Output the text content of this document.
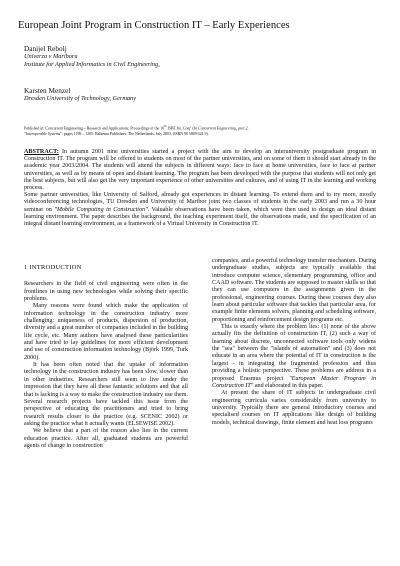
European Joint Program in Construction IT – Early Experiences
Danijel Rebolj
Univerza v Mariboru
Institute for Applied Informatics in Civil Engineering,
Karsten Menzel
Dresden University of Technology, Germany
Published in: Concurrent Engineering – Research and Applications; Proceedings of the 10th ISPE Int. Conf. On Concurrent Engineering, part 2,
"Interoperable Systems": pages 1199 – 1205: Balkema Publishers, The Netherlands, July 2003, (ISBN 90 5809 624 9).

ABSTRACT: In autumn 2001 nine universities started a project with the aim to develop an interuniversity postgraduate program in Construction IT. The program will be offered to students on most of the partner universities, and on some of them it should start already in the academic year 2003/2004. The students will attend the subjects in different ways: face to face at home universities, face to face at partner universities, as well as by means of open and distant learning. The program has been developed with the purpose that students will not only get the best subjects, but will also get the very important experience of other universities and cultures, and of using IT in the learning and working process.
Some partner universities, like University of Salford, already got experiences in distant learning. To extend them and to try more, mostly videoconferencing technologies, TU Dresden and University of Maribor joint two classes of students in the early 2003 and run a 30 hour seminar on "Mobile Computing in Construction". Valuable observations have been taken, which were then used to design an ideal distant learning environment. The paper describes the background, the teaching experiment itself, the observations made, and the specification of an integral distant learning environment, as a framework of a Virtual University in Construction IT.

1 INTRODUCTION

Researchers in the field of civil engineering were often in the frontlines in using new technologies while solving their specific problems.

Many reasons were found which make the application of information technology in the construction industry more challenging: uniqueness of products, dispersion of production, diversity and a great number of companies included in the building life cycle, etc. Many authors have analysed these particularities and have tried to lay guidelines for more efficient development and use of construction information technology (Björk 1999, Turk 2000).

It has been often noted that the uptake of information technology in the construction industry has been slow, slower than in other industries. Researchers still seem to live under the impression that they have all these fantastic solutions and that all that is lacking is a way to make the construction industry use them. Several research projects have tackled this issue from the perspective of educating the practitioners and tried to bring research results closer to the practice (e.g. SCENIC 2002) or asking the practice what it actually wants (ELSEWISE 2002).

We believe that a part of the reason also lies in the current education practice. After all, graduated students are powerful agents of change in construction

companies, and a powerful technology transfer mechanism. During undergraduate studies, subjects are typically available that introduce computer science, elementary programming, office and CAAD software. The students are supposed to master skills so that they can use computers in the assignments given in the professional, engineering courses. During these courses they also learn about particular software that tackles that particular area, for example finite elements solvers, planning and scheduling software, proportioning and reinforcement design programs etc.

This is exactly where the problem lies: (1) none of the above actually fits the definition of construction IT, (2) such a way of learning about discrete, unconnected software tools only widens the "sea" between the "islands of automation" and (3) does not educate in an area where the potential of IT in construction is the largest - in integrating the fragmented profession and thus providing a holistic perspective. These problems are address in a proposed Erasmus project "European Master Program in Construction IT" and elaborated in this paper.

At present the share of IT subjects in undergraduate civil engineering curricula varies considerably from university to university. Typically there are general introductory courses and specialised courses on IT applications like design of building models, technical drawings, finite element and heat loss programs
